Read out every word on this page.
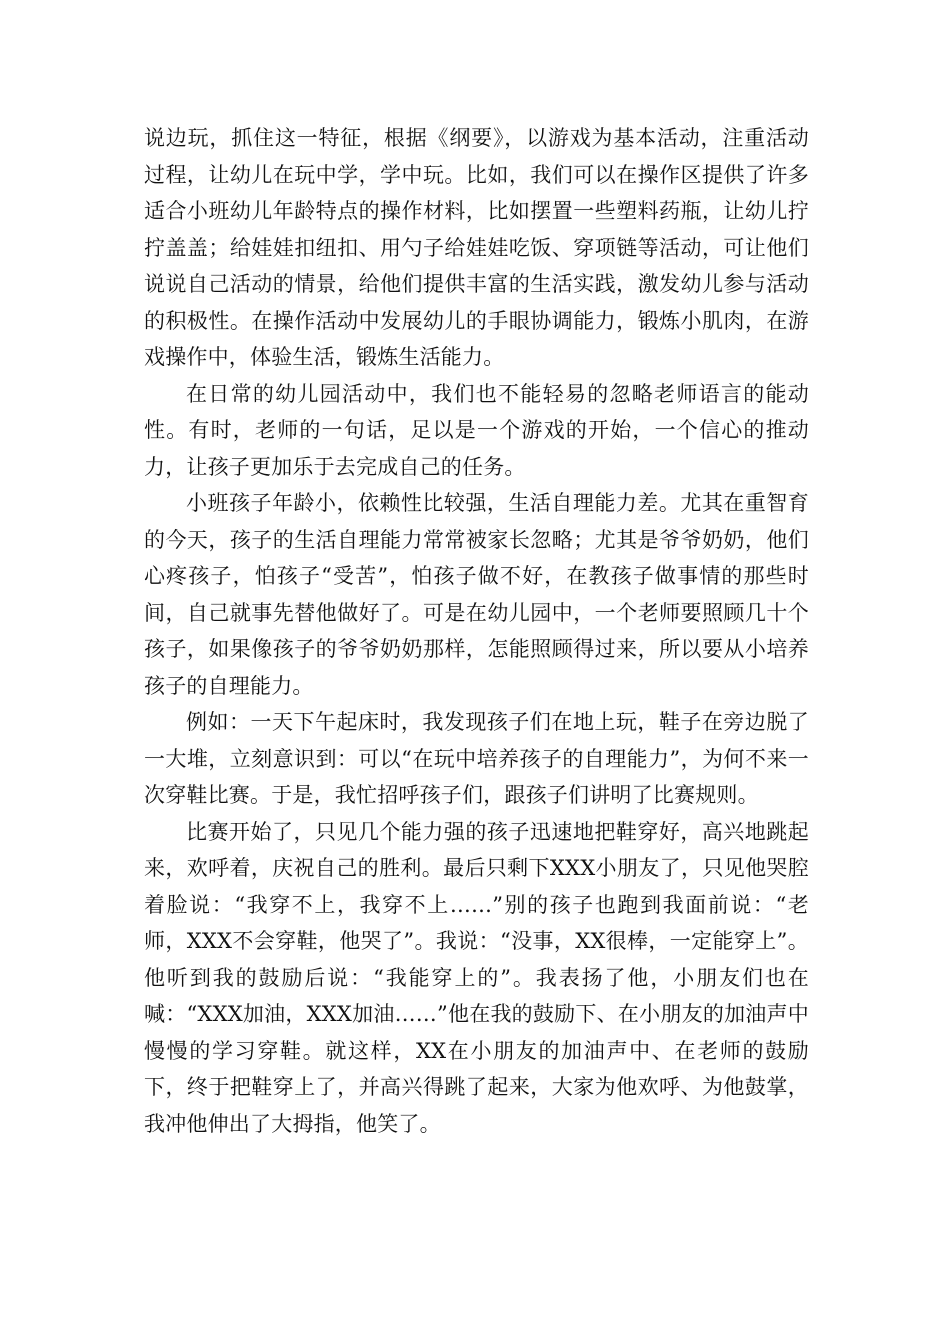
说边玩，抓住这一特征，根据《纲要》，以游戏为基本活动，注重活动过程，让幼儿在玩中学，学中玩。比如，我们可以在操作区提供了许多适合小班幼儿年龄特点的操作材料，比如摆置一些塑料药瓶，让幼儿拧拧盖盖；给娃娃扣纽扣、用勺子给娃娃吃饭、穿项链等活动，可让他们说说自己活动的情景，给他们提供丰富的生活实践，激发幼儿参与活动的积极性。在操作活动中发展幼儿的手眼协调能力，锻炼小肌肉，在游戏操作中，体验生活，锻炼生活能力。

在日常的幼儿园活动中，我们也不能轻易的忽略老师语言的能动性。有时，老师的一句话，足以是一个游戏的开始，一个信心的推动力，让孩子更加乐于去完成自己的任务。

小班孩子年龄小，依赖性比较强，生活自理能力差。尤其在重智育的今天，孩子的生活自理能力常常被家长忽略；尤其是爷爷奶奶，他们心疼孩子，怕孩子“受苦”，怕孩子做不好，在教孩子做事情的那些时间，自己就事先替他做好了。可是在幼儿园中，一个老师要照顾几十个孩子，如果像孩子的爷爷奶奶那样，怎能照顾得过来，所以要从小培养孩子的自理能力。

例如：一天下午起床时，我发现孩子们在地上玩，鞋子在旁边脱了一大堆，立刻意识到：可以“在玩中培养孩子的自理能力”，为何不来一次穿鞋比赛。于是，我忙招呼孩子们，跟孩子们讲明了比赛规则。

比赛开始了，只见几个能力强的孩子迅速地把鞋穿好，高兴地跳起来，欢呼着，庆祝自己的胜利。最后只剩下XXX小朋友了，只见他哭腔着脸说：“我穿不上，我穿不上……”别的孩子也跑到我面前说：“老师，XXX不会穿鞋，他哭了”。我说：“没事，XX很棒，一定能穿上”。他听到我的鼓励后说：“我能穿上的”。我表扬了他，小朋友们也在喊：“XXX加油，XXX加油……”他在我的鼓励下、在小朋友的加油声中慢慢的学习穿鞋。就这样，XX在小朋友的加油声中、在老师的鼓励下，终于把鞋穿上了，并高兴得跳了起来，大家为他欢呼、为他鼓掌，我冲他伸出了大拇指，他笑了。
